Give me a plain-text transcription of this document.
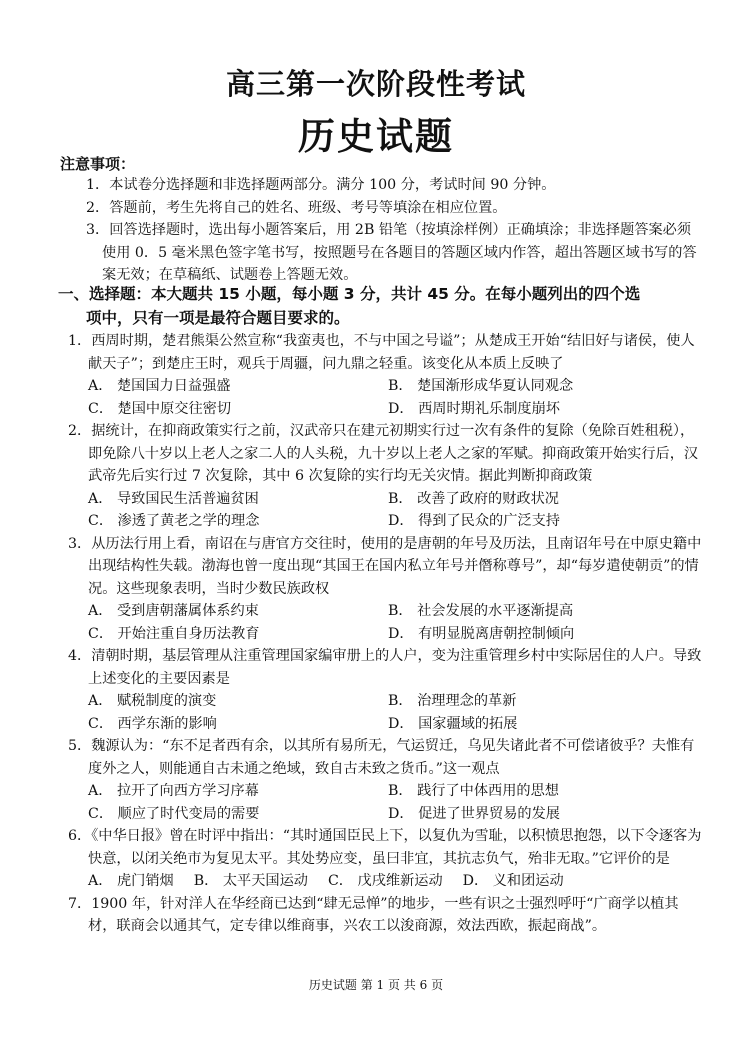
高三第一次阶段性考试
历史试题
注意事项：
1．本试卷分选择题和非选择题两部分。满分 100 分，考试时间 90 分钟。
2．答题前，考生先将自己的姓名、班级、考号等填涂在相应位置。
3．回答选择题时，选出每小题答案后，用 2B 铅笔（按填涂样例）正确填涂；非选择题答案必须使用 0．5 毫米黑色签字笔书写，按照题号在各题目的答题区域内作答，超出答题区域书写的答案无效；在草稿纸、试题卷上答题无效。
一、选择题：本大题共 15 小题，每小题 3 分，共计 45 分。在每小题列出的四个选
项中，只有一项是最符合题目要求的。
1．西周时期，楚君熊渠公然宣称“我蛮夷也，不与中国之号谥”；从楚成王开始“结旧好与诸侯，使人献天子”；到楚庄王时，观兵于周疆，问九鼎之轻重。该变化从本质上反映了
A． 楚国国力日益强盛	B． 楚国渐形成华夏认同观念
C． 楚国中原交往密切	D． 西周时期礼乐制度崩坏
2．据统计，在抑商政策实行之前，汉武帝只在建元初期实行过一次有条件的复除（免除百姓租税），即免除八十岁以上老人之家二人的人头税，九十岁以上老人之家的军赋。抑商政策开始实行后，汉武帝先后实行过 7 次复除，其中 6 次复除的实行均无关灾情。据此判断抑商政策
A． 导致国民生活普遍贫困	B． 改善了政府的财政状况
C． 渗透了黄老之学的理念	D． 得到了民众的广泛支持
3．从历法行用上看，南诏在与唐官方交往时，使用的是唐朝的年号及历法，且南诏年号在中原史籍中出现结构性失载。渤海也曾一度出现“其国王在国内私立年号并僭称尊号”，却“每岁遣使朝贡”的情况。这些现象表明，当时少数民族政权
A． 受到唐朝藩属体系约束	B． 社会发展的水平逐渐提高
C． 开始注重自身历法教育	D． 有明显脱离唐朝控制倾向
4．清朝时期，基层管理从注重管理国家编审册上的人户，变为注重管理乡村中实际居住的人户。导致上述变化的主要因素是
A． 赋税制度的演变	B． 治理理念的革新
C． 西学东渐的影响	D． 国家疆域的拓展
5．魏源认为：“东不足者西有余，以其所有易所无，气运贸迁，乌见失诸此者不可偿诸彼乎？夫惟有度外之人，则能通自古未通之绝域，致自古未致之货币。”这一观点
A． 拉开了向西方学习序幕	B． 践行了中体西用的思想
C． 顺应了时代变局的需要	D． 促进了世界贸易的发展
6．《中华日报》曾在时评中指出：“其时通国臣民上下，以复仇为雪耻，以积愤思抱怨，以下令逐客为快意，以闭关绝市为复见太平。其处势应变，虽曰非宜，其抗志负气，殆非无取。”它评价的是
A． 虎门销烟 B． 太平天国运动 C． 戊戌维新运动 D． 义和团运动
7．1900 年，针对洋人在华经商已达到“肆无忌惮”的地步，一些有识之士强烈呼吁“广商学以植其材，联商会以通其气，定专律以维商事，兴农工以浚商源，效法西欧，振起商战”。
历史试题 第 1 页 共 6 页
